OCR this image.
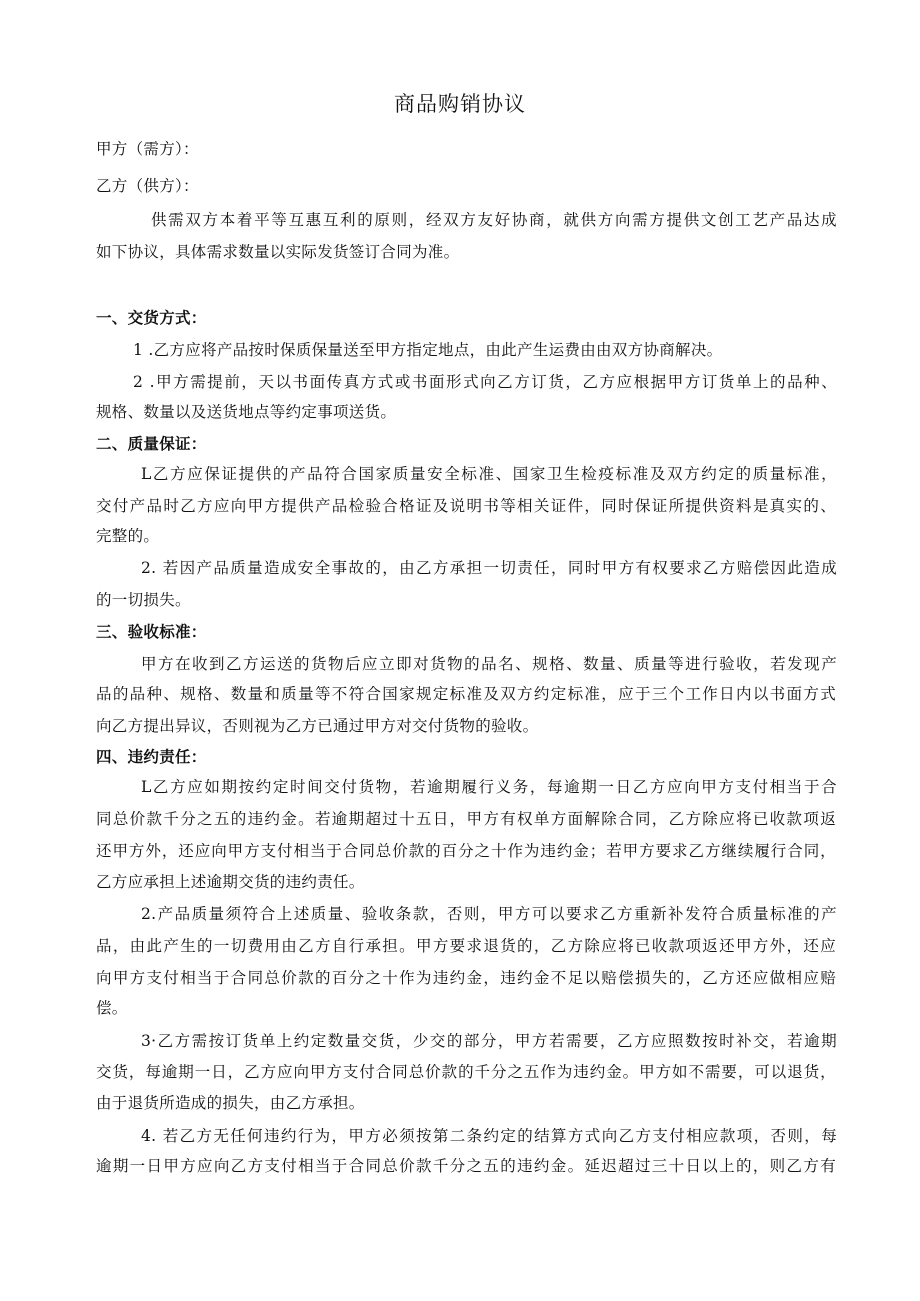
商品购销协议
甲方（需方）：
乙方（供方）：
供需双方本着平等互惠互利的原则，经双方友好协商，就供方向需方提供文创工艺产品达成
如下协议，具体需求数量以实际发货签订合同为准。
一、交货方式：
1 .乙方应将产品按时保质保量送至甲方指定地点，由此产生运费由由双方协商解决。
2 .甲方需提前，天以书面传真方式或书面形式向乙方订货，乙方应根据甲方订货单上的品种、
规格、数量以及送货地点等约定事项送货。
二、质量保证：
L乙方应保证提供的产品符合国家质量安全标准、国家卫生检疫标准及双方约定的质量标准，
交付产品时乙方应向甲方提供产品检验合格证及说明书等相关证件，同时保证所提供资料是真实的、
完整的。
2. 若因产品质量造成安全事故的，由乙方承担一切责任，同时甲方有权要求乙方赔偿因此造成
的一切损失。
三、验收标准：
甲方在收到乙方运送的货物后应立即对货物的品名、规格、数量、质量等进行验收，若发现产
品的品种、规格、数量和质量等不符合国家规定标准及双方约定标准，应于三个工作日内以书面方式
向乙方提出异议，否则视为乙方已通过甲方对交付货物的验收。
四、违约责任：
L乙方应如期按约定时间交付货物，若逾期履行义务，每逾期一日乙方应向甲方支付相当于合
同总价款千分之五的违约金。若逾期超过十五日，甲方有权单方面解除合同，乙方除应将已收款项返
还甲方外，还应向甲方支付相当于合同总价款的百分之十作为违约金；若甲方要求乙方继续履行合同，
乙方应承担上述逾期交货的违约责任。
2.产品质量须符合上述质量、验收条款，否则，甲方可以要求乙方重新补发符合质量标准的产
品，由此产生的一切费用由乙方自行承担。甲方要求退货的，乙方除应将已收款项返还甲方外，还应
向甲方支付相当于合同总价款的百分之十作为违约金，违约金不足以赔偿损失的，乙方还应做相应赔
偿。
3·乙方需按订货单上约定数量交货，少交的部分，甲方若需要，乙方应照数按时补交，若逾期
交货，每逾期一日，乙方应向甲方支付合同总价款的千分之五作为违约金。甲方如不需要，可以退货，
由于退货所造成的损失，由乙方承担。
4. 若乙方无任何违约行为，甲方必须按第二条约定的结算方式向乙方支付相应款项，否则，每
逾期一日甲方应向乙方支付相当于合同总价款千分之五的违约金。延迟超过三十日以上的，则乙方有
